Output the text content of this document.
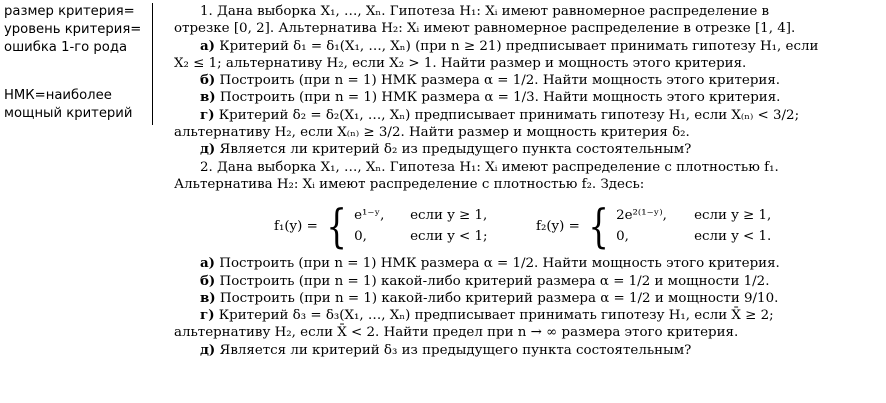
размер критерия=
уровень критерия=
ошибка 1-го рода
НМК=наиболее
мощный критерий
1. Дана выборка X₁, …, Xₙ. Гипотеза H₁: Xᵢ имеют равномерное распределение в
отрезке [0, 2]. Альтернатива H₂: Xᵢ имеют равномерное распределение в отрезке [1, 4].
а) Критерий δ₁ = δ₁(X₁, …, Xₙ) (при n ≥ 21) предписывает принимать гипотезу H₁, если
X₂ ≤ 1; альтернативу H₂, если X₂ > 1. Найти размер и мощность этого критерия.
б) Построить (при n = 1) НМК размера α = 1/2. Найти мощность этого критерия.
в) Построить (при n = 1) НМК размера α = 1/3. Найти мощность этого критерия.
г) Критерий δ₂ = δ₂(X₁, …, Xₙ) предписывает принимать гипотезу H₁, если X₍ₙ₎ < 3/2;
альтернативу H₂, если X₍ₙ₎ ≥ 3/2. Найти размер и мощность критерия δ₂.
д) Является ли критерий δ₂ из предыдущего пункта состоятельным?
2. Дана выборка X₁, …, Xₙ. Гипотеза H₁: Xᵢ имеют распределение с плотностью f₁.
Альтернатива H₂: Xᵢ имеют распределение с плотностью f₂. Здесь:
f₁(y) = { e¹⁻ʸ,	если y ≥ 1,
0,	если y < 1;
f₂(y) = { 2e²⁽¹⁻ʸ⁾,	если y ≥ 1,
0,	если y < 1.
а) Построить (при n = 1) НМК размера α = 1/2. Найти мощность этого критерия.
б) Построить (при n = 1) какой-либо критерий размера α = 1/2 и мощности 1/2.
в) Построить (при n = 1) какой-либо критерий размера α = 1/2 и мощности 9/10.
г) Критерий δ₃ = δ₃(X₁, …, Xₙ) предписывает принимать гипотезу H₁, если X̄ ≥ 2;
альтернативу H₂, если X̄ < 2. Найти предел при n → ∞ размера этого критерия.
д) Является ли критерий δ₃ из предыдущего пункта состоятельным?
